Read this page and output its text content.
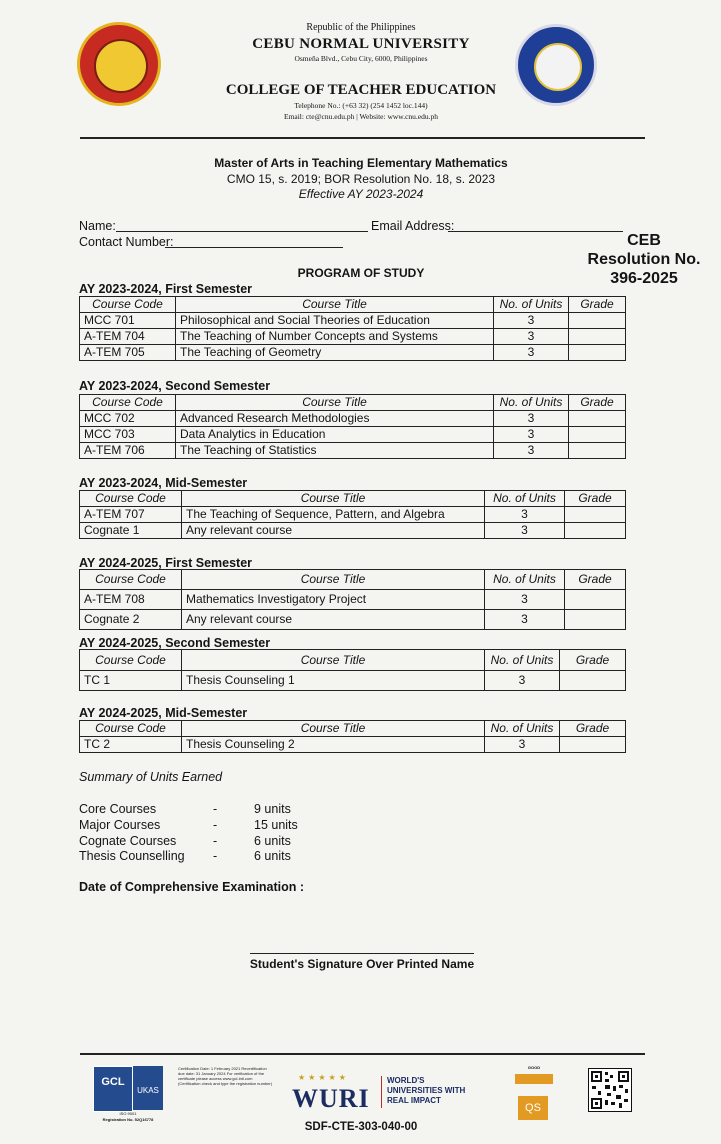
Republic of the Philippines
CEBU NORMAL UNIVERSITY
Osmeña Blvd., Cebu City, 6000, Philippines
COLLEGE OF TEACHER EDUCATION
Telephone No.: (+63 32) (254 1452 loc.144)
Email: cte@cnu.edu.ph | Website: www.cnu.edu.ph
Master of Arts in Teaching Elementary Mathematics
CMO 15, s. 2019; BOR Resolution No. 18, s. 2023
Effective AY 2023-2024
CEB
Resolution No.
396-2025
Name:	Email Address:
Contact Number:
PROGRAM OF STUDY
AY 2023-2024, First Semester
Course Code	Course Title	No. of Units	Grade
MCC 701	Philosophical and Social Theories of Education	3	
A-TEM 704	The Teaching of Number Concepts and Systems	3	
A-TEM 705	The Teaching of Geometry	3	
AY 2023-2024, Second Semester
Course Code	Course Title	No. of Units	Grade
MCC 702	Advanced Research Methodologies	3	
MCC 703	Data Analytics in Education	3	
A-TEM 706	The Teaching of Statistics	3	
AY 2023-2024, Mid-Semester
Course Code	Course Title	No. of Units	Grade
A-TEM 707	The Teaching of Sequence, Pattern, and Algebra	3	
Cognate 1	Any relevant course	3	
AY 2024-2025, First Semester
Course Code	Course Title	No. of Units	Grade
A-TEM 708	Mathematics Investigatory Project	3	
Cognate 2	Any relevant course	3	
AY 2024-2025, Second Semester
Course Code	Course Title	No. of Units	Grade
TC 1	Thesis Counseling 1	3	
AY 2024-2025, Mid-Semester
Course Code	Course Title	No. of Units	Grade
TC 2	Thesis Counseling 2	3	
Summary of Units Earned
Core Courses	-	9 units
Major Courses	-	15 units
Cognate Courses	-	6 units
Thesis Counselling -	6 units
Date of Comprehensive Examination :
Student's Signature Over Printed Name
GCL
UKAS
ISO 9001
Registration No. 52Q16778
Certification Date: 1 February 2021 Recertification due date: 31 January 2024 For verification of the certificate please access www.gcl-intl.com (Certification check and type the registration number)
★★★★★
WURI
WORLD'S UNIVERSITIES WITH REAL IMPACT
GOOD
QS
SDF-CTE-303-040-00
